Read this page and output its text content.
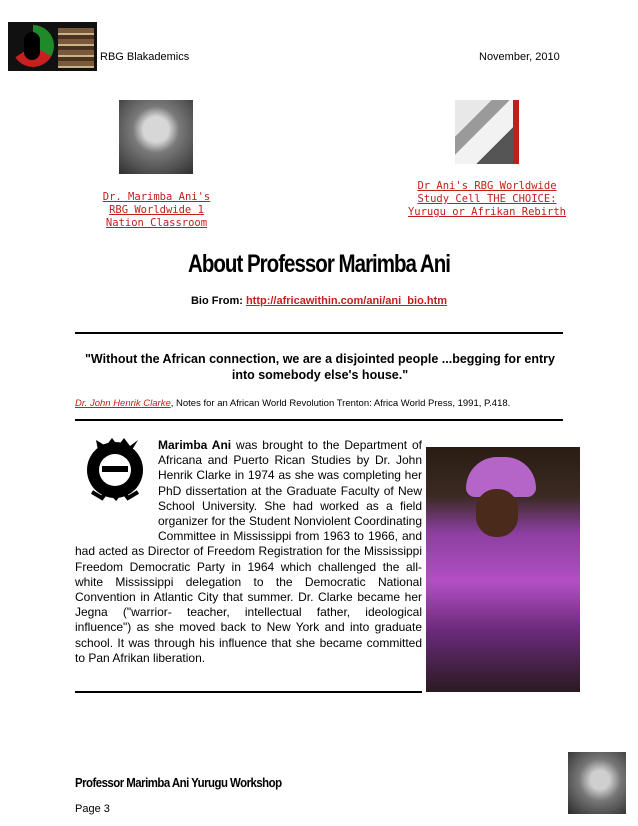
RBG Blakademics	November, 2010
Dr. Marimba Ani's RBG Worldwide 1 Nation Classroom
Dr Ani's RBG Worldwide Study Cell THE CHOICE: Yurugu or Afrikan Rebirth
About Professor Marimba Ani
Bio From: http://africawithin.com/ani/ani_bio.htm
"Without the African connection, we are a disjointed people ...begging for entry into somebody else's house."
Dr. John Henrik Clarke, Notes for an African World Revolution Trenton: Africa World Press, 1991, P.418.
Marimba Ani was brought to the Department of Africana and Puerto Rican Studies by Dr. John Henrik Clarke in 1974 as she was completing her PhD dissertation at the Graduate Faculty of New School University. She had worked as a field organizer for the Student Nonviolent Coordinating Committee in Mississippi from 1963 to 1966, and had acted as Director of Freedom Registration for the Mississippi Freedom Democratic Party in 1964 which challenged the all-white Mississippi delegation to the Democratic National Convention in Atlantic City that summer. Dr. Clarke became her Jegna ("warrior- teacher, intellectual father, ideological influence") as she moved back to New York and into graduate school. It was through his influence that she became committed to Pan Afrikan liberation.
Professor Marimba Ani Yurugu Workshop
Page 3
